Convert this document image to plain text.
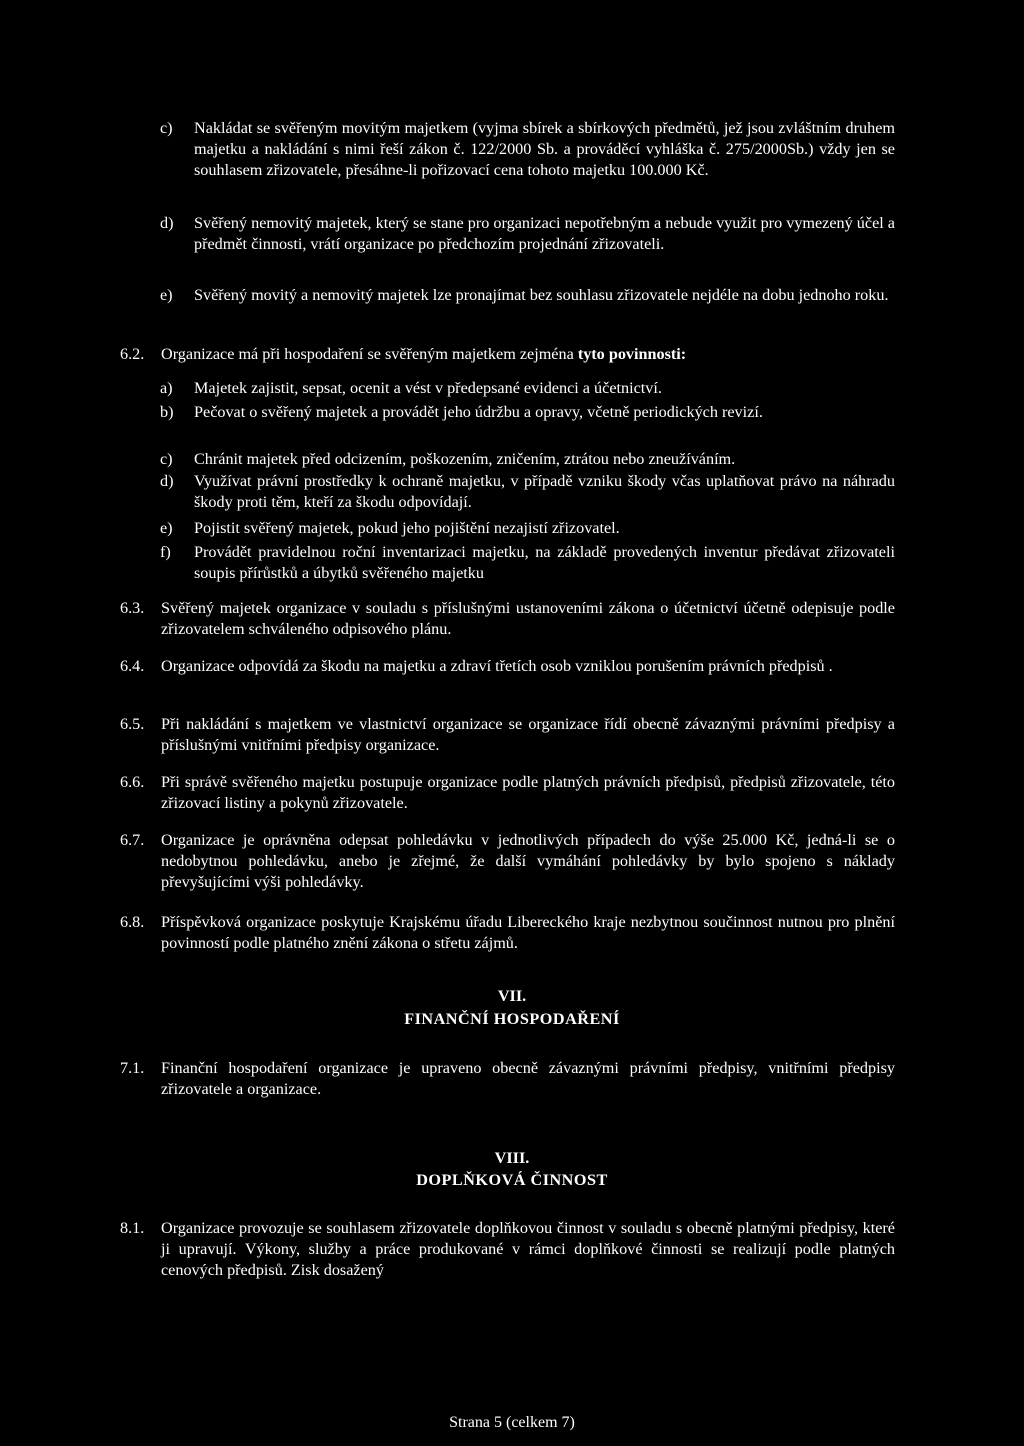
c) Nakládat se svěřeným movitým majetkem (vyjma sbírek a sbírkových předmětů, jež jsou zvláštním druhem majetku a nakládání s nimi řeší zákon č. 122/2000 Sb. a prováděcí vyhláška č. 275/2000Sb.) vždy jen se souhlasem zřizovatele, přesáhne-li pořizovací cena tohoto majetku 100.000 Kč.

d) Svěřený nemovitý majetek, který se stane pro organizaci nepotřebným a nebude využit pro vymezený účel a předmět činnosti, vrátí organizace po předchozím projednání zřizovateli.

e) Svěřený movitý a nemovitý majetek lze pronajímat bez souhlasu zřizovatele nejdéle na dobu jednoho roku.

6.2. Organizace má při hospodaření se svěřeným majetkem zejména tyto povinnosti:

a) Majetek zajistit, sepsat, ocenit a vést v předepsané evidenci a účetnictví.

b) Pečovat o svěřený majetek a provádět jeho údržbu a opravy, včetně periodických revizí.

c) Chránit majetek před odcizením, poškozením, zničením, ztrátou nebo zneužíváním.

d) Využívat právní prostředky k ochraně majetku, v případě vzniku škody včas uplatňovat právo na náhradu škody proti těm, kteří za škodu odpovídají.

e) Pojistit svěřený majetek, pokud jeho pojištění nezajistí zřizovatel.

f) Provádět pravidelnou roční inventarizaci majetku, na základě provedených inventur předávat zřizovateli soupis přírůstků a úbytků svěřeného majetku

6.3. Svěřený majetek organizace v souladu s příslušnými ustanoveními zákona o účetnictví účetně odepisuje podle zřizovatelem schváleného odpisového plánu.

6.4. Organizace odpovídá za škodu na majetku a zdraví třetích osob vzniklou porušením právních předpisů .

6.5. Při nakládání s majetkem ve vlastnictví organizace se organizace řídí obecně závaznými právními předpisy a příslušnými vnitřními předpisy organizace.

6.6. Při správě svěřeného majetku postupuje organizace podle platných právních předpisů, předpisů zřizovatele, této zřizovací listiny a pokynů zřizovatele.

6.7. Organizace je oprávněna odepsat pohledávku v jednotlivých případech do výše 25.000 Kč, jedná-li se o nedobytnou pohledávku, anebo je zřejmé, že další vymáhání pohledávky by bylo spojeno s náklady převyšujícími výši pohledávky.

6.8. Příspěvková organizace poskytuje Krajskému úřadu Libereckého kraje nezbytnou součinnost nutnou pro plnění povinností podle platného znění zákona o střetu zájmů.

VII.
FINANČNÍ HOSPODAŘENÍ
7.1. Finanční hospodaření organizace je upraveno obecně závaznými právními předpisy, vnitřními předpisy zřizovatele a organizace.

VIII.
DOPLŇKOVÁ ČINNOST
8.1. Organizace provozuje se souhlasem zřizovatele doplňkovou činnost v souladu s obecně platnými předpisy, které ji upravují. Výkony, služby a práce produkované v rámci doplňkové činnosti se realizují podle platných cenových předpisů. Zisk dosažený

Strana 5 (celkem 7)
